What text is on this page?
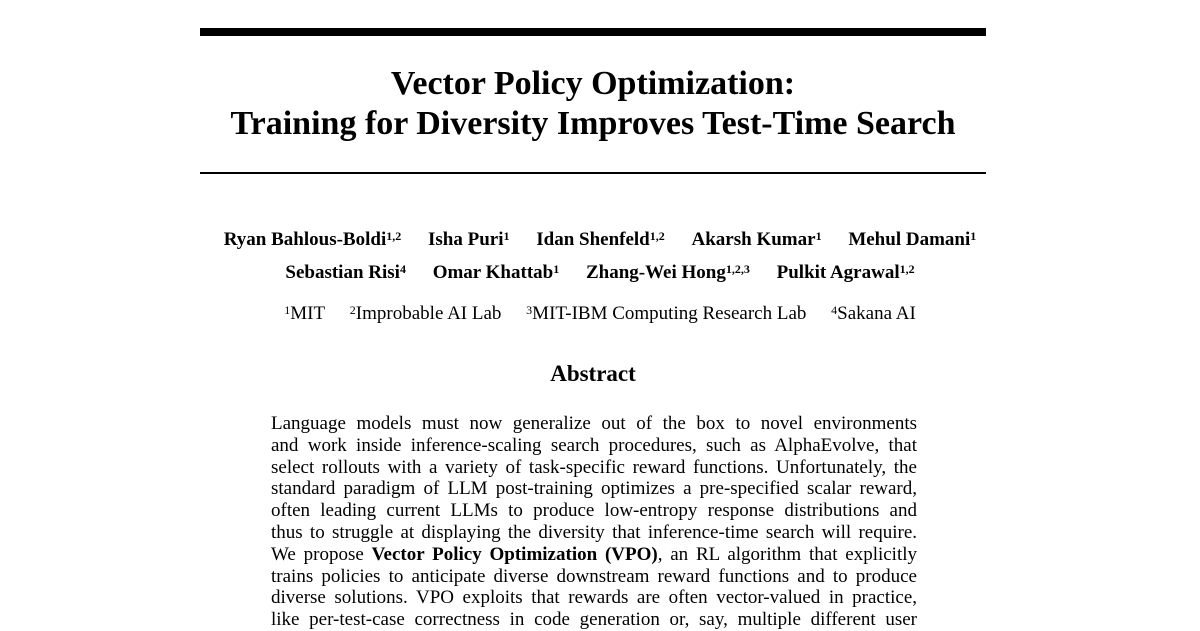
Vector Policy Optimization:
Training for Diversity Improves Test-Time Search
Ryan Bahlous-Boldi$^{1,2}$ Isha Puri$^1$ Idan Shenfeld$^{1,2}$ Akarsh Kumar$^1$ Mehul Damani$^1$
Sebastian Risi$^4$ Omar Khattab$^1$ Zhang-Wei Hong$^{1,2,3}$ Pulkit Agrawal$^{1,2}$
$^1$MIT $^2$Improbable AI Lab $^3$MIT-IBM Computing Research Lab $^4$Sakana AI
Abstract
Language models must now generalize out of the box to novel environments
and work inside inference-scaling search procedures, such as AlphaEvolve, that
select rollouts with a variety of task-specific reward functions. Unfortunately, the
standard paradigm of LLM post-training optimizes a pre-specified scalar reward,
often leading current LLMs to produce low-entropy response distributions and
thus to struggle at displaying the diversity that inference-time search will require.
We propose Vector Policy Optimization (VPO), an RL algorithm that explicitly
trains policies to anticipate diverse downstream reward functions and to produce
diverse solutions. VPO exploits that rewards are often vector-valued in practice,
like per-test-case correctness in code generation or, say, multiple different user
